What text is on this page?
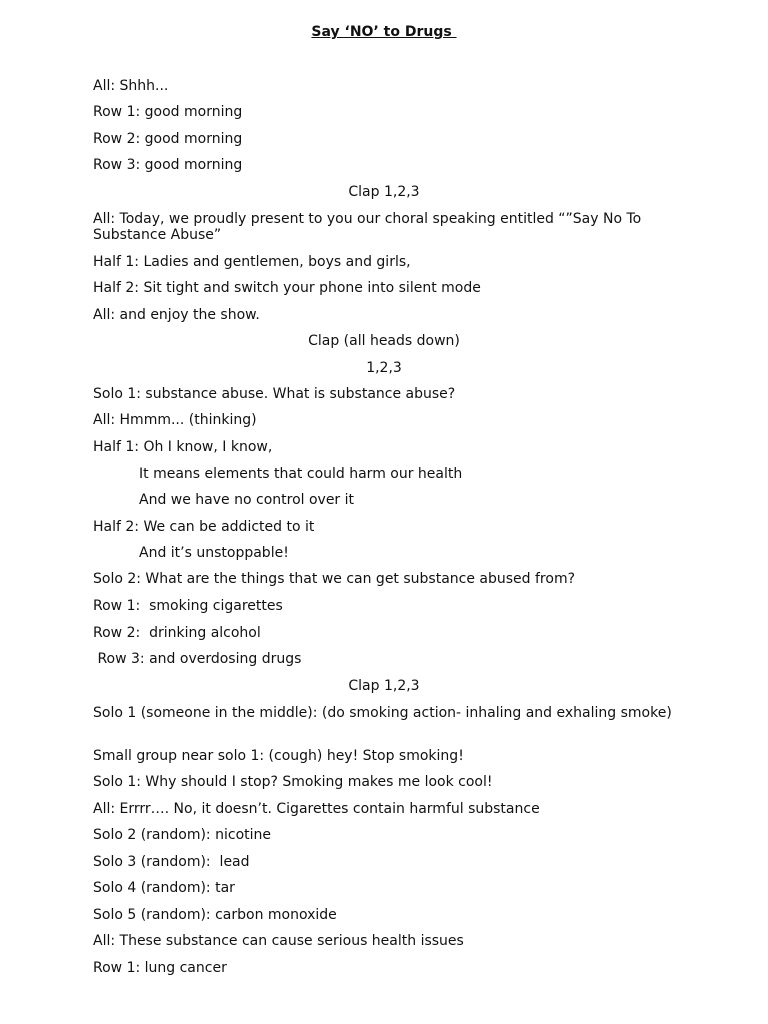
Say ‘NO’ to Drugs
All: Shhh...
Row 1: good morning
Row 2: good morning
Row 3: good morning
Clap 1,2,3
All: Today, we proudly present to you our choral speaking entitled “”Say No To Substance Abuse”
Half 1: Ladies and gentlemen, boys and girls,
Half 2: Sit tight and switch your phone into silent mode
All: and enjoy the show.
Clap (all heads down)
1,2,3
Solo 1: substance abuse. What is substance abuse?
All: Hmmm... (thinking)
Half 1: Oh I know, I know,
It means elements that could harm our health
And we have no control over it
Half 2: We can be addicted to it
And it’s unstoppable!
Solo 2: What are the things that we can get substance abused from?
Row 1:  smoking cigarettes
Row 2:  drinking alcohol
Row 3: and overdosing drugs
Clap 1,2,3
Solo 1 (someone in the middle): (do smoking action- inhaling and exhaling smoke)
Small group near solo 1: (cough) hey! Stop smoking!
Solo 1: Why should I stop? Smoking makes me look cool!
All: Errrr…. No, it doesn’t. Cigarettes contain harmful substance
Solo 2 (random): nicotine
Solo 3 (random):  lead
Solo 4 (random): tar
Solo 5 (random): carbon monoxide
All: These substance can cause serious health issues
Row 1: lung cancer
